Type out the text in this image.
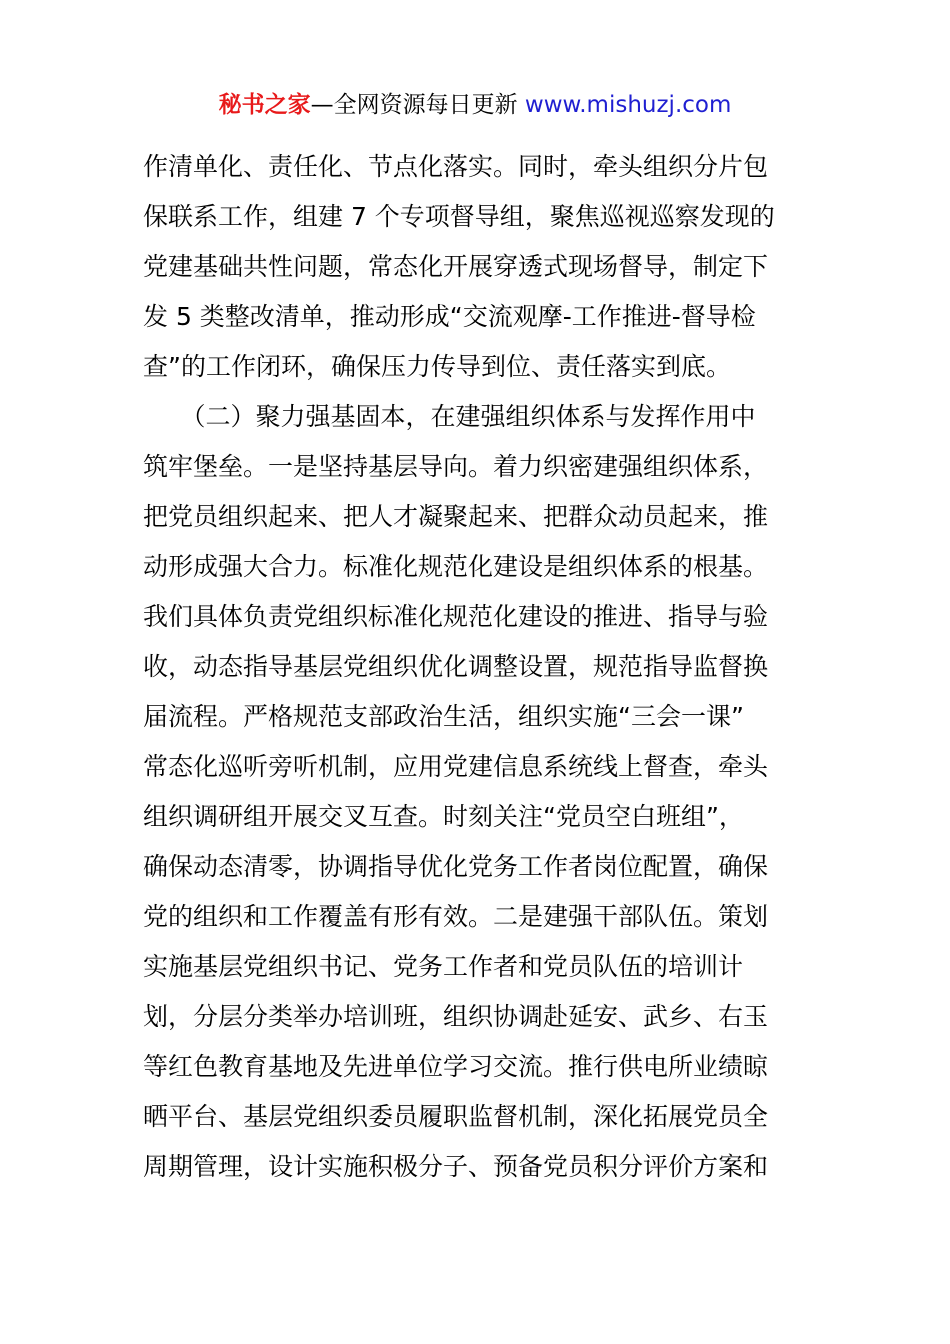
秘书之家—全网资源每日更新 www.mishuzj.com
作清单化、责任化、节点化落实。同时，牵头组织分片包
保联系工作，组建 7 个专项督导组，聚焦巡视巡察发现的
党建基础共性问题，常态化开展穿透式现场督导，制定下
发 5 类整改清单，推动形成“交流观摩-工作推进-督导检
查”的工作闭环，确保压力传导到位、责任落实到底。
　　（二）聚力强基固本，在建强组织体系与发挥作用中
筑牢堡垒。一是坚持基层导向。着力织密建强组织体系，
把党员组织起来、把人才凝聚起来、把群众动员起来，推
动形成强大合力。标准化规范化建设是组织体系的根基。
我们具体负责党组织标准化规范化建设的推进、指导与验
收，动态指导基层党组织优化调整设置，规范指导监督换
届流程。严格规范支部政治生活，组织实施“三会一课”
常态化巡听旁听机制，应用党建信息系统线上督查，牵头
组织调研组开展交叉互查。时刻关注“党员空白班组”，
确保动态清零，协调指导优化党务工作者岗位配置，确保
党的组织和工作覆盖有形有效。二是建强干部队伍。策划
实施基层党组织书记、党务工作者和党员队伍的培训计
划，分层分类举办培训班，组织协调赴延安、武乡、右玉
等红色教育基地及先进单位学习交流。推行供电所业绩晾
晒平台、基层党组织委员履职监督机制，深化拓展党员全
周期管理，设计实施积极分子、预备党员积分评价方案和
